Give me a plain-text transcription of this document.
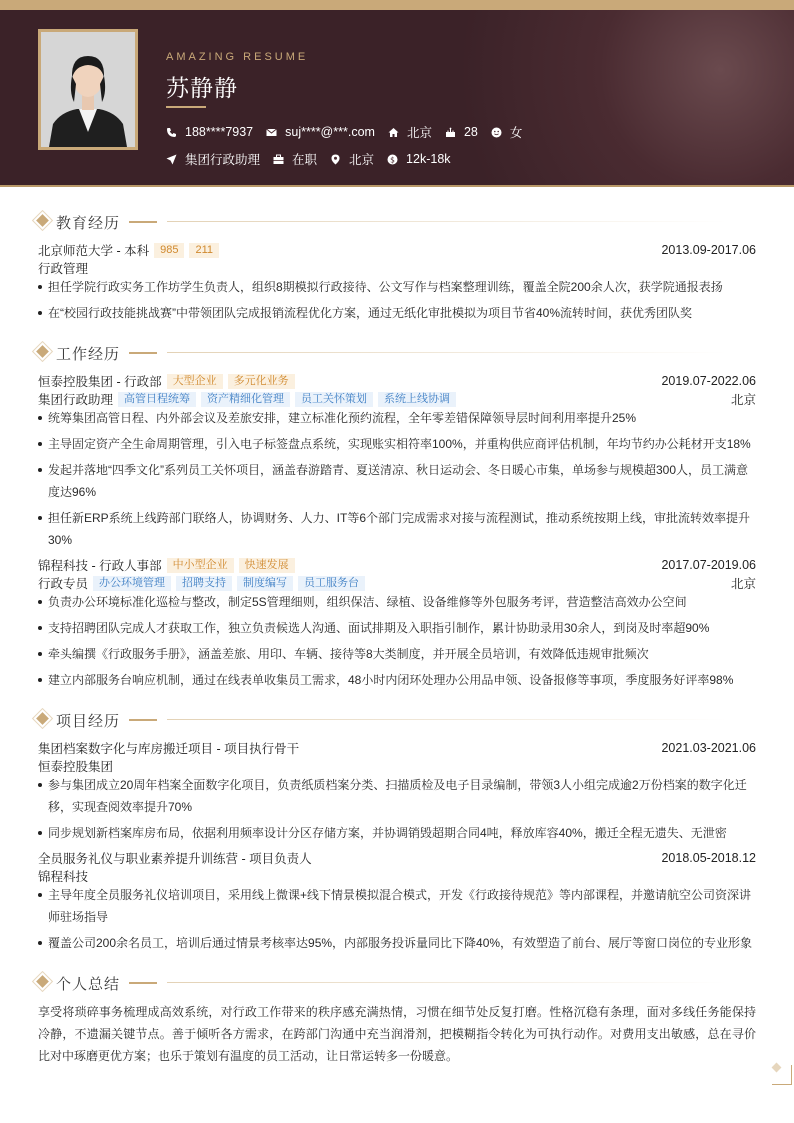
AMAZING RESUME
苏静静
188****7937	suj****@***.com	北京	28	女
集团行政助理	在职	北京 $ 12k-18k
教育经历
北京师范大学 - 本科	985	211	2013.09-2017.06
行政管理
担任学院行政实务工作坊学生负责人，组织8期模拟行政接待、公文写作与档案整理训练，覆盖全院200余人次，获学院通报表扬
在“校园行政技能挑战赛”中带领团队完成报销流程优化方案，通过无纸化审批模拟为项目节省40%流转时间，获优秀团队奖
工作经历
恒泰控股集团 - 行政部	大型企业	多元化业务	2019.07-2022.06
集团行政助理	高管日程统筹	资产精细化管理	员工关怀策划	系统上线协调	北京
统筹集团高管日程、内外部会议及差旅安排，建立标准化预约流程，全年零差错保障领导层时间利用率提升25%
主导固定资产全生命周期管理，引入电子标签盘点系统，实现账实相符率100%，并重构供应商评估机制，年均节约办公耗材开支18%
发起并落地“四季文化”系列员工关怀项目，涵盖春游踏青、夏送清凉、秋日运动会、冬日暖心市集，单场参与规模超300人，员工满意度达96%
担任新ERP系统上线跨部门联络人，协调财务、人力、IT等6个部门完成需求对接与流程测试，推动系统按期上线，审批流转效率提升30%
锦程科技 - 行政人事部	中小型企业	快速发展	2017.07-2019.06
行政专员	办公环境管理	招聘支持	制度编写	员工服务台	北京
负责办公环境标准化巡检与整改，制定5S管理细则，组织保洁、绿植、设备维修等外包服务考评，营造整洁高效办公空间
支持招聘团队完成人才获取工作，独立负责候选人沟通、面试排期及入职指引制作，累计协助录用30余人，到岗及时率超90%
牵头编撰《行政服务手册》，涵盖差旅、用印、车辆、接待等8大类制度，并开展全员培训，有效降低违规审批频次
建立内部服务台响应机制，通过在线表单收集员工需求，48小时内闭环处理办公用品申领、设备报修等事项，季度服务好评率98%
项目经历
集团档案数字化与库房搬迁项目 - 项目执行骨干	2021.03-2021.06
恒泰控股集团
参与集团成立20周年档案全面数字化项目，负责纸质档案分类、扫描质检及电子目录编制，带领3人小组完成逾2万份档案的数字化迁移，实现查阅效率提升70%
同步规划新档案库房布局，依据利用频率设计分区存储方案，并协调销毁超期合同4吨，释放库容40%，搬迁全程无遗失、无泄密
全员服务礼仪与职业素养提升训练营 - 项目负责人	2018.05-2018.12
锦程科技
主导年度全员服务礼仪培训项目，采用线上微课+线下情景模拟混合模式，开发《行政接待规范》等内部课程，并邀请航空公司资深讲师驻场指导
覆盖公司200余名员工，培训后通过情景考核率达95%，内部服务投诉量同比下降40%，有效塑造了前台、展厅等窗口岗位的专业形象
个人总结
享受将琐碎事务梳理成高效系统，对行政工作带来的秩序感充满热情，习惯在细节处反复打磨。性格沉稳有条理，面对多线任务能保持冷静，不遗漏关键节点。善于倾听各方需求，在跨部门沟通中充当润滑剂，把模糊指令转化为可执行动作。对费用支出敏感，总在寻价比对中琢磨更优方案；也乐于策划有温度的员工活动，让日常运转多一份暖意。
